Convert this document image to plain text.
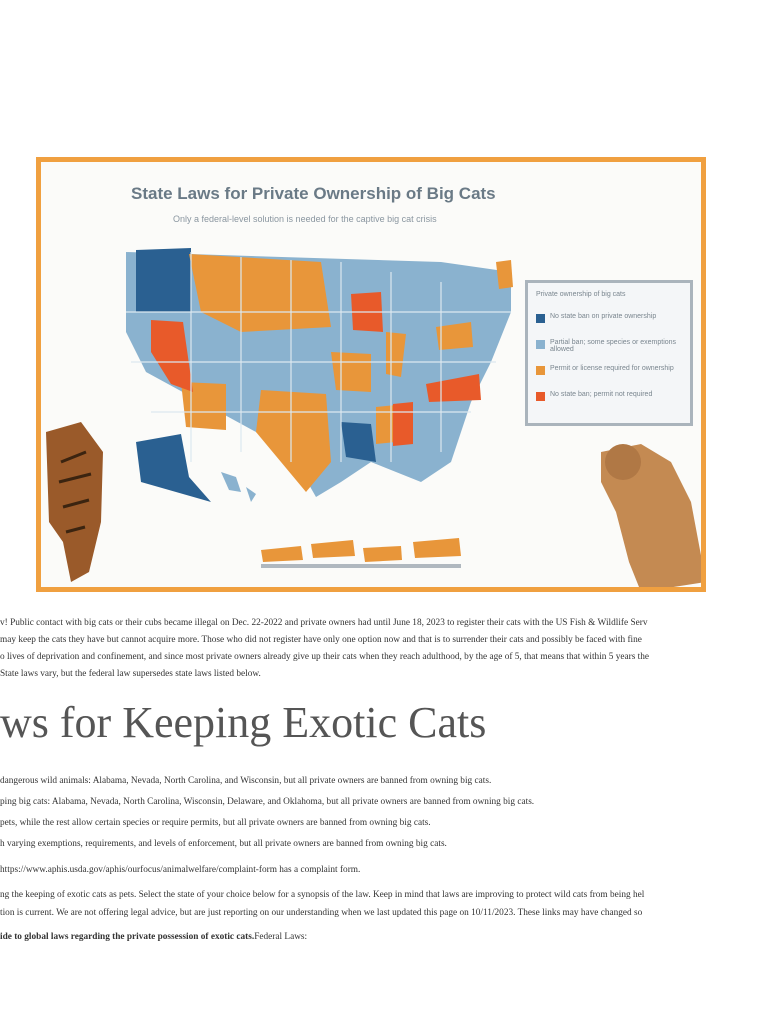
State Laws for Private Ownership of Big Cats
Only a federal-level solution is needed for the captive big cat crisis
Private ownership of big cats
No state ban on private ownership
Partial ban; some species or exemptions allowed
Permit or license required for ownership
No state ban; permit not required
v! Public contact with big cats or their cubs became illegal on Dec. 22-2022 and private owners had until June 18, 2023 to register their cats with the US Fish & Wildlife Serv
may keep the cats they have but cannot acquire more. Those who did not register have only one option now and that is to surrender their cats and possibly be faced with fine
o lives of deprivation and confinement, and since most private owners already give up their cats when they reach adulthood, by the age of 5, that means that within 5 years the
State laws vary, but the federal law supersedes state laws listed below.
ws for Keeping Exotic Cats
dangerous wild animals: Alabama, Nevada, North Carolina, and Wisconsin, but all private owners are banned from owning big cats.
ping big cats: Alabama, Nevada, North Carolina, Wisconsin, Delaware, and Oklahoma, but all private owners are banned from owning big cats.
pets, while the rest allow certain species or require permits, but all private owners are banned from owning big cats.
h varying exemptions, requirements, and levels of enforcement, but all private owners are banned from owning big cats.
https://www.aphis.usda.gov/aphis/ourfocus/animalwelfare/complaint-form has a complaint form.
ng the keeping of exotic cats as pets. Select the state of your choice below for a synopsis of the law. Keep in mind that laws are improving to protect wild cats from being hel
tion is current. We are not offering legal advice, but are just reporting on our understanding when we last updated this page on 10/11/2023. These links may have changed so
ide to global laws regarding the private possession of exotic cats.Federal Laws:
